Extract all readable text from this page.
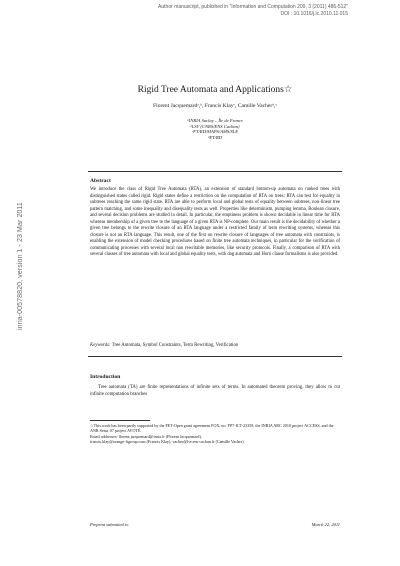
Author manuscript, published in "Information and Computation 209, 3 (2011) 486-512"
DOI : 10.1016/j.ic.2010.11.015
inria-00578820, version 1 - 23 Mar 2011
Rigid Tree Automata and Applications☆
Florent Jacquemardᵃ,ᵇ, Francis Klayᶜ, Camille Vacherᵈ,ᵃ
ᵃINRIA Saclay – Île de France
ᵇLSV (CNRS/ENS Cachan)
ᶜFT/RD/MAPS/AMS/SLE
ᵈFT/RD
Abstract
We introduce the class of Rigid Tree Automata (RTA), an extension of standard bottom-up automata on ranked trees with distinguished states called rigid. Rigid states define a restriction on the computation of RTA on trees: RTA can test for equality in subtrees reaching the same rigid state. RTA are able to perform local and global tests of equality between subtrees, non-linear tree pattern matching, and some inequality and disequality tests as well. Properties like determinism, pumping lemma, Boolean closure, and several decision problems are studied in detail. In particular, the emptiness problem is shown decidable in linear time for RTA whereas membership of a given tree to the language of a given RTA is NP-complete. Our main result is the decidability of whether a given tree belongs to the rewrite closure of an RTA language under a restricted family of term rewriting systems, whereas this closure is not an RTA language. This result, one of the first on rewrite closure of languages of tree automata with constraints, is enabling the extension of model checking procedures based on finite tree automata techniques, in particular for the verification of communicating processes with several local non rewritable memories, like security protocols. Finally, a comparison of RTA with several classes of tree automata with local and global equality tests, with dag automata and Horn clause formalisms is also provided.
Keywords: Tree Automata, Symbol Constraints, Term Rewriting, Verification
Introduction
Tree automata (TA) are finite representations of infinite sets of terms. In automated theorem proving, they allow to cut infinite computation branches
☆This work has been partly supported by the FET-Open grant agreement FOX, no. FP7-ICT-23359, the INRIA ARC 2010 project ACCESS, and the ANR Sesur 07 project AVOTÉ.
Email addresses: florent.jacquemard@inria.fr (Florent Jacquemard),
francis.klay@orange-ftgroup.com (Francis Klay), vacher@lsv.ens-cachan.fr (Camille Vacher)
Preprint submitted to	March 22, 2011
